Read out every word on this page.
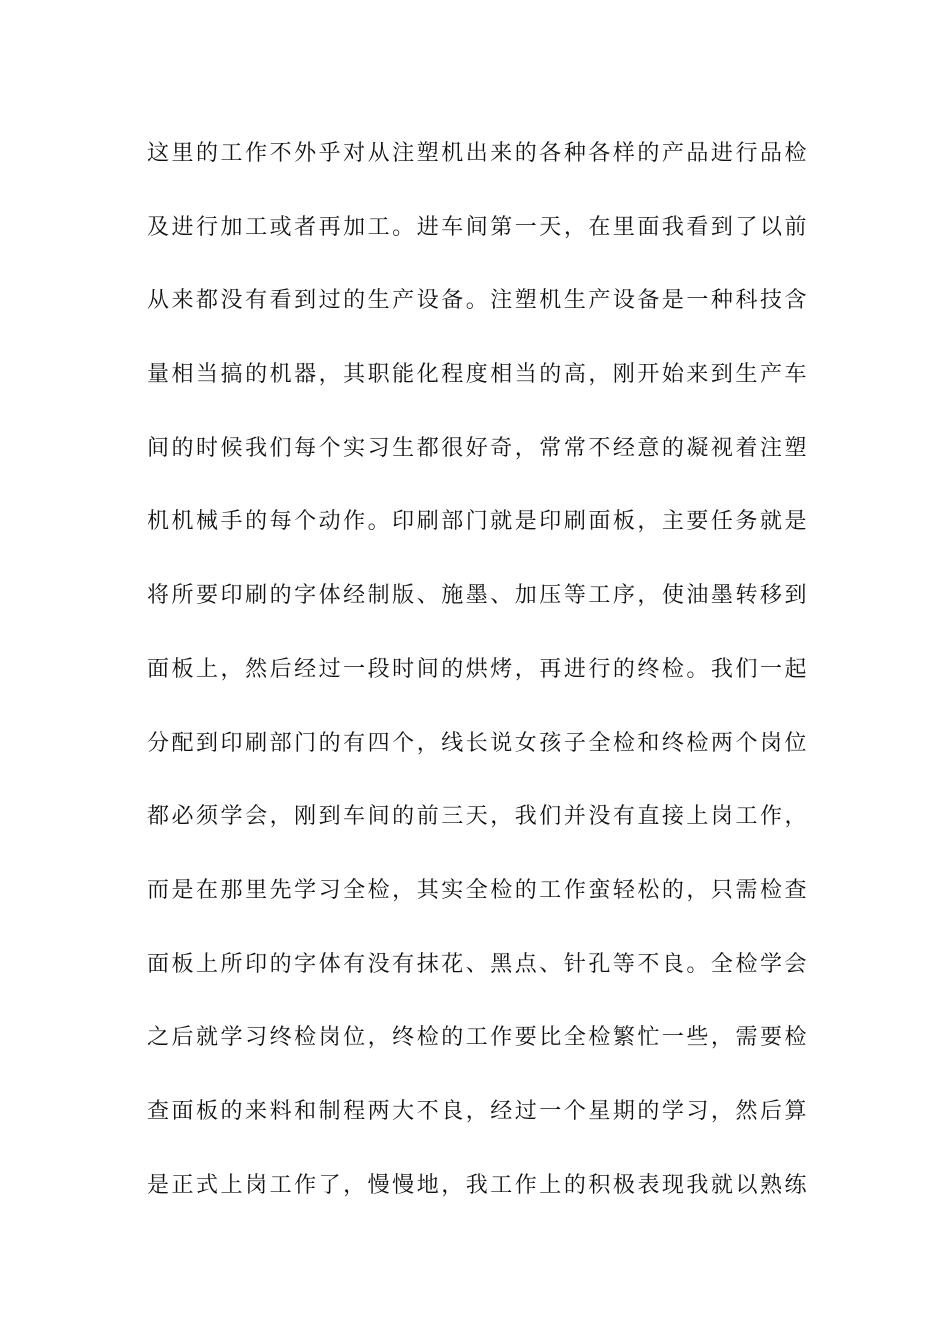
这里的工作不外乎对从注塑机出来的各种各样的产品进行品检
及进行加工或者再加工。进车间第一天，在里面我看到了以前
从来都没有看到过的生产设备。注塑机生产设备是一种科技含
量相当搞的机器，其职能化程度相当的高，刚开始来到生产车
间的时候我们每个实习生都很好奇，常常不经意的凝视着注塑
机机械手的每个动作。印刷部门就是印刷面板，主要任务就是
将所要印刷的字体经制版、施墨、加压等工序，使油墨转移到
面板上，然后经过一段时间的烘烤，再进行的终检。我们一起
分配到印刷部门的有四个，线长说女孩子全检和终检两个岗位
都必须学会，刚到车间的前三天，我们并没有直接上岗工作，
而是在那里先学习全检，其实全检的工作蛮轻松的，只需检查
面板上所印的字体有没有抹花、黑点、针孔等不良。全检学会
之后就学习终检岗位，终检的工作要比全检繁忙一些，需要检
查面板的来料和制程两大不良，经过一个星期的学习，然后算
是正式上岗工作了，慢慢地，我工作上的积极表现我就以熟练
